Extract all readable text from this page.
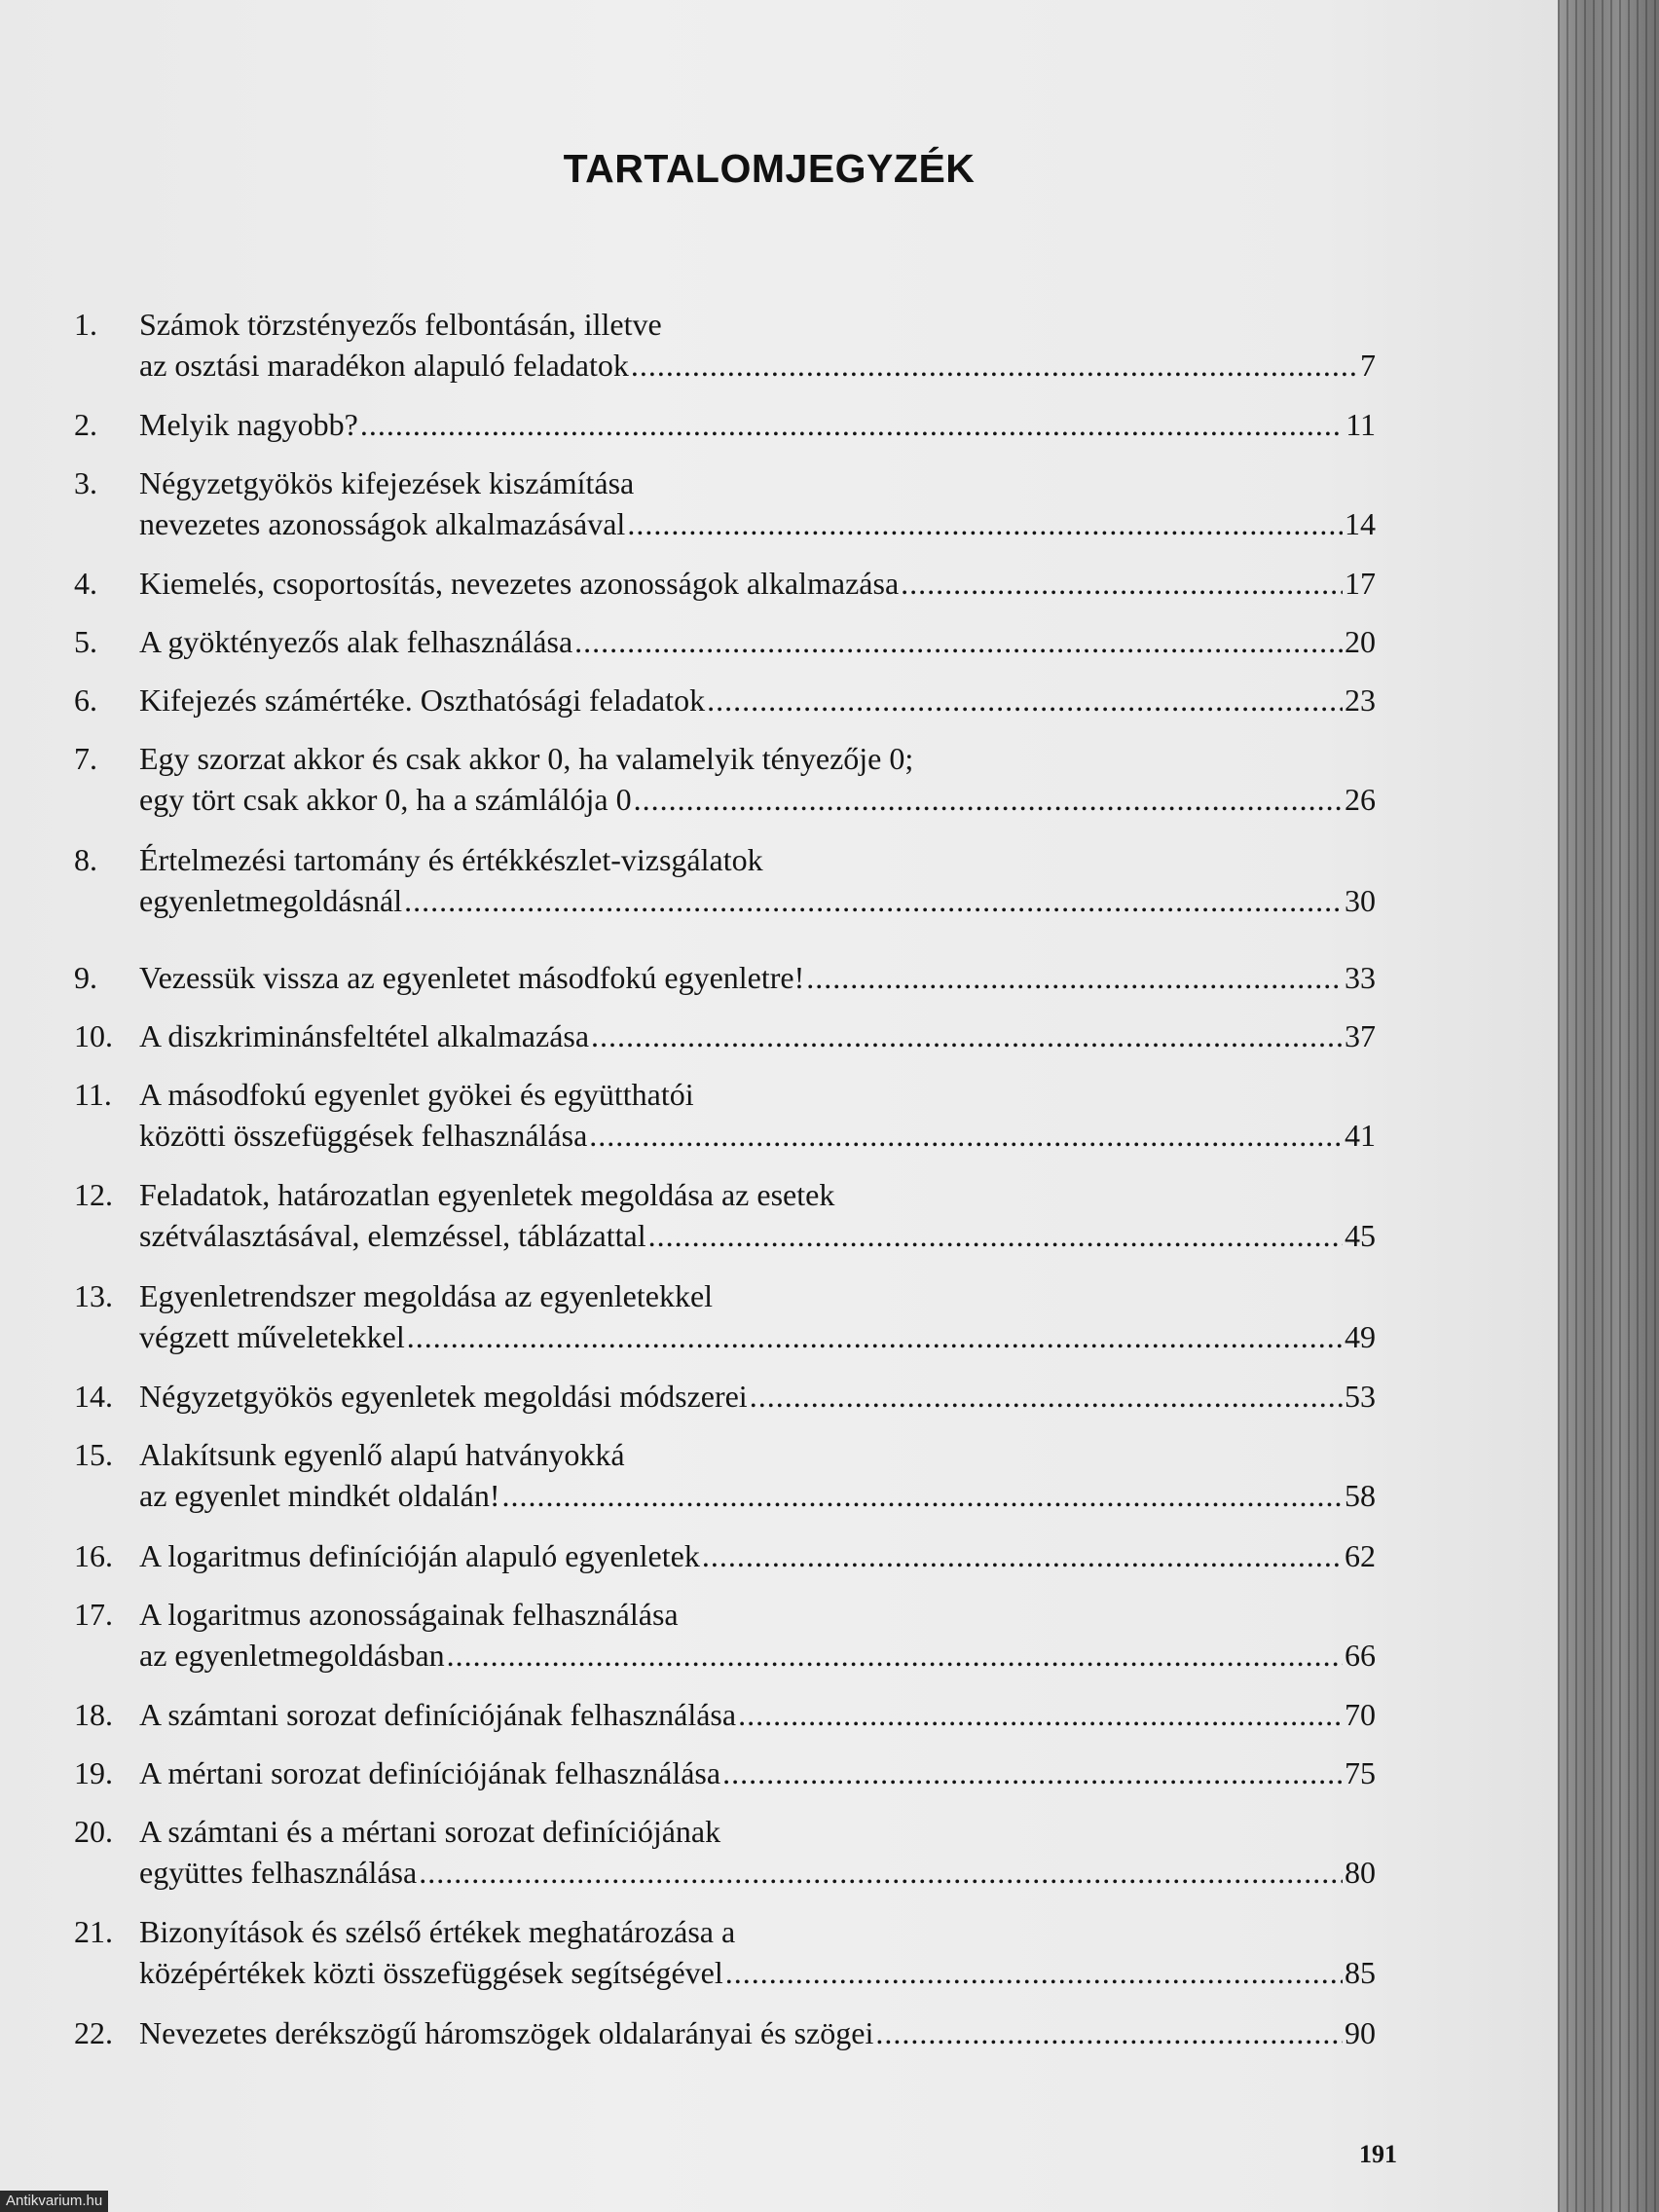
TARTALOMJEGYZÉK
1.	Számok törzstényezős felbontásán, illetve
az osztási maradékon alapuló feladatok .....	7
2.	Melyik nagyobb? .....	11
3.	Négyzetgyökös kifejezések kiszámítása
nevezetes azonosságok alkalmazásával .....	14
4.	Kiemelés, csoportosítás, nevezetes azonosságok alkalmazása .....	17
5.	A gyöktényezős alak felhasználása .....	20
6.	Kifejezés számértéke. Oszthatósági feladatok .....	23
7.	Egy szorzat akkor és csak akkor 0, ha valamelyik tényezője 0;
egy tört csak akkor 0, ha a számlálója 0 .....	26
8.	Értelmezési tartomány és értékkészlet-vizsgálatok
egyenletmegoldásnál .....	30
9.	Vezessük vissza az egyenletet másodfokú egyenletre! .....	33
10. A diszkriminánsfeltétel alkalmazása .....	37
11. A másodfokú egyenlet gyökei és együtthatói
közötti összefüggések felhasználása .....	41
12. Feladatok, határozatlan egyenletek megoldása az esetek
szétválasztásával, elemzéssel, táblázattal .....	45
13. Egyenletrendszer megoldása az egyenletekkel
végzett műveletekkel .....	49
14. Négyzetgyökös egyenletek megoldási módszerei .....	53
15. Alakítsunk egyenlő alapú hatványokká
az egyenlet mindkét oldalán! .....	58
16. A logaritmus definícióján alapuló egyenletek .....	62
17. A logaritmus azonosságainak felhasználása
az egyenletmegoldásban .....	66
18. A számtani sorozat definíciójának felhasználása .....	70
19. A mértani sorozat definíciójának felhasználása .....	75
20. A számtani és a mértani sorozat definíciójának
együttes felhasználása .....	80
21. Bizonyítások és szélső értékek meghatározása a
középértékek közti összefüggések segítségével .....	85
22. Nevezetes derékszögű háromszögek oldalarányai és szögei .....	90
191
Antikvarium.hu
